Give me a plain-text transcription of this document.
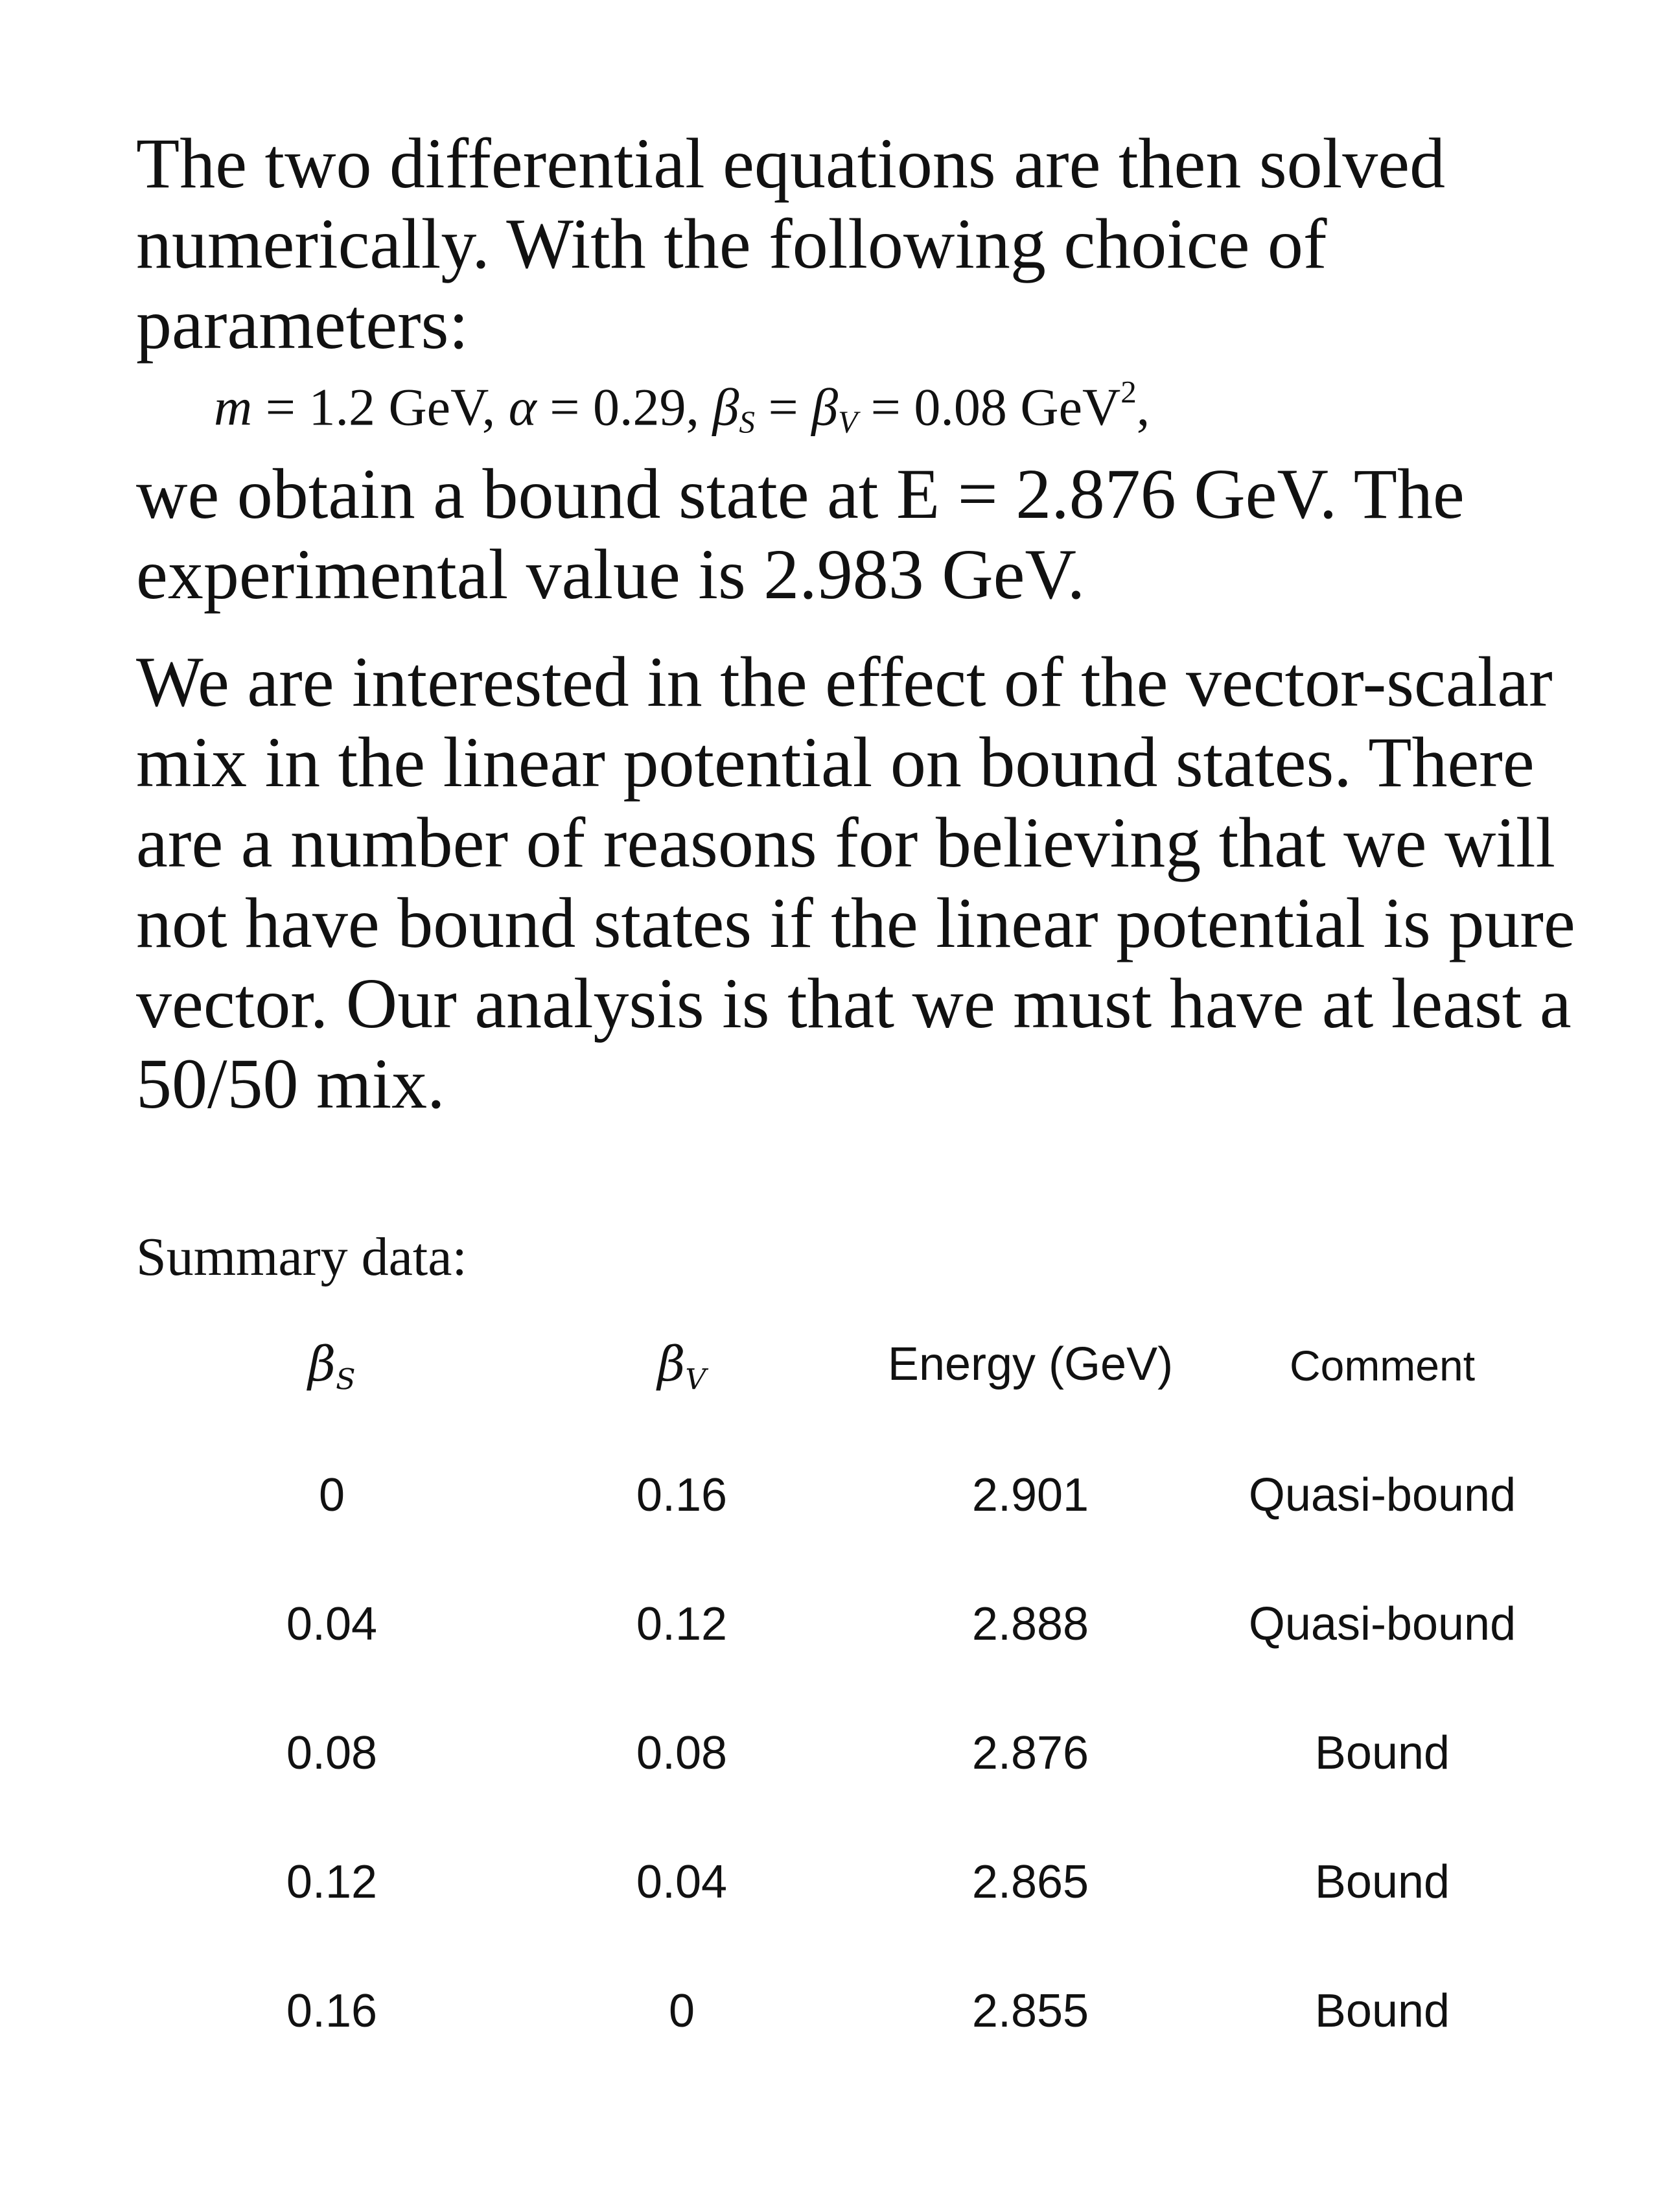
The two differential equations are then solved numerically. With the following choice of parameters:

m = 1.2 GeV, α = 0.29, $\beta_S = \beta_V = 0.08$ GeV$^2$,

we obtain a bound state at E = 2.876 GeV. The experimental value is 2.983 GeV.

We are interested in the effect of the vector-scalar mix in the linear potential on bound states. There are a number of reasons for believing that we will not have bound states if the linear potential is pure vector. Our analysis is that we must have at least a 50/50 mix.

Summary data:

$\beta_S$	$\beta_V$	Energy (GeV)	Comment
0	0.16	2.901	Quasi-bound
0.04	0.12	2.888	Quasi-bound
0.08	0.08	2.876	Bound
0.12	0.04	2.865	Bound
0.16	0	2.855	Bound
